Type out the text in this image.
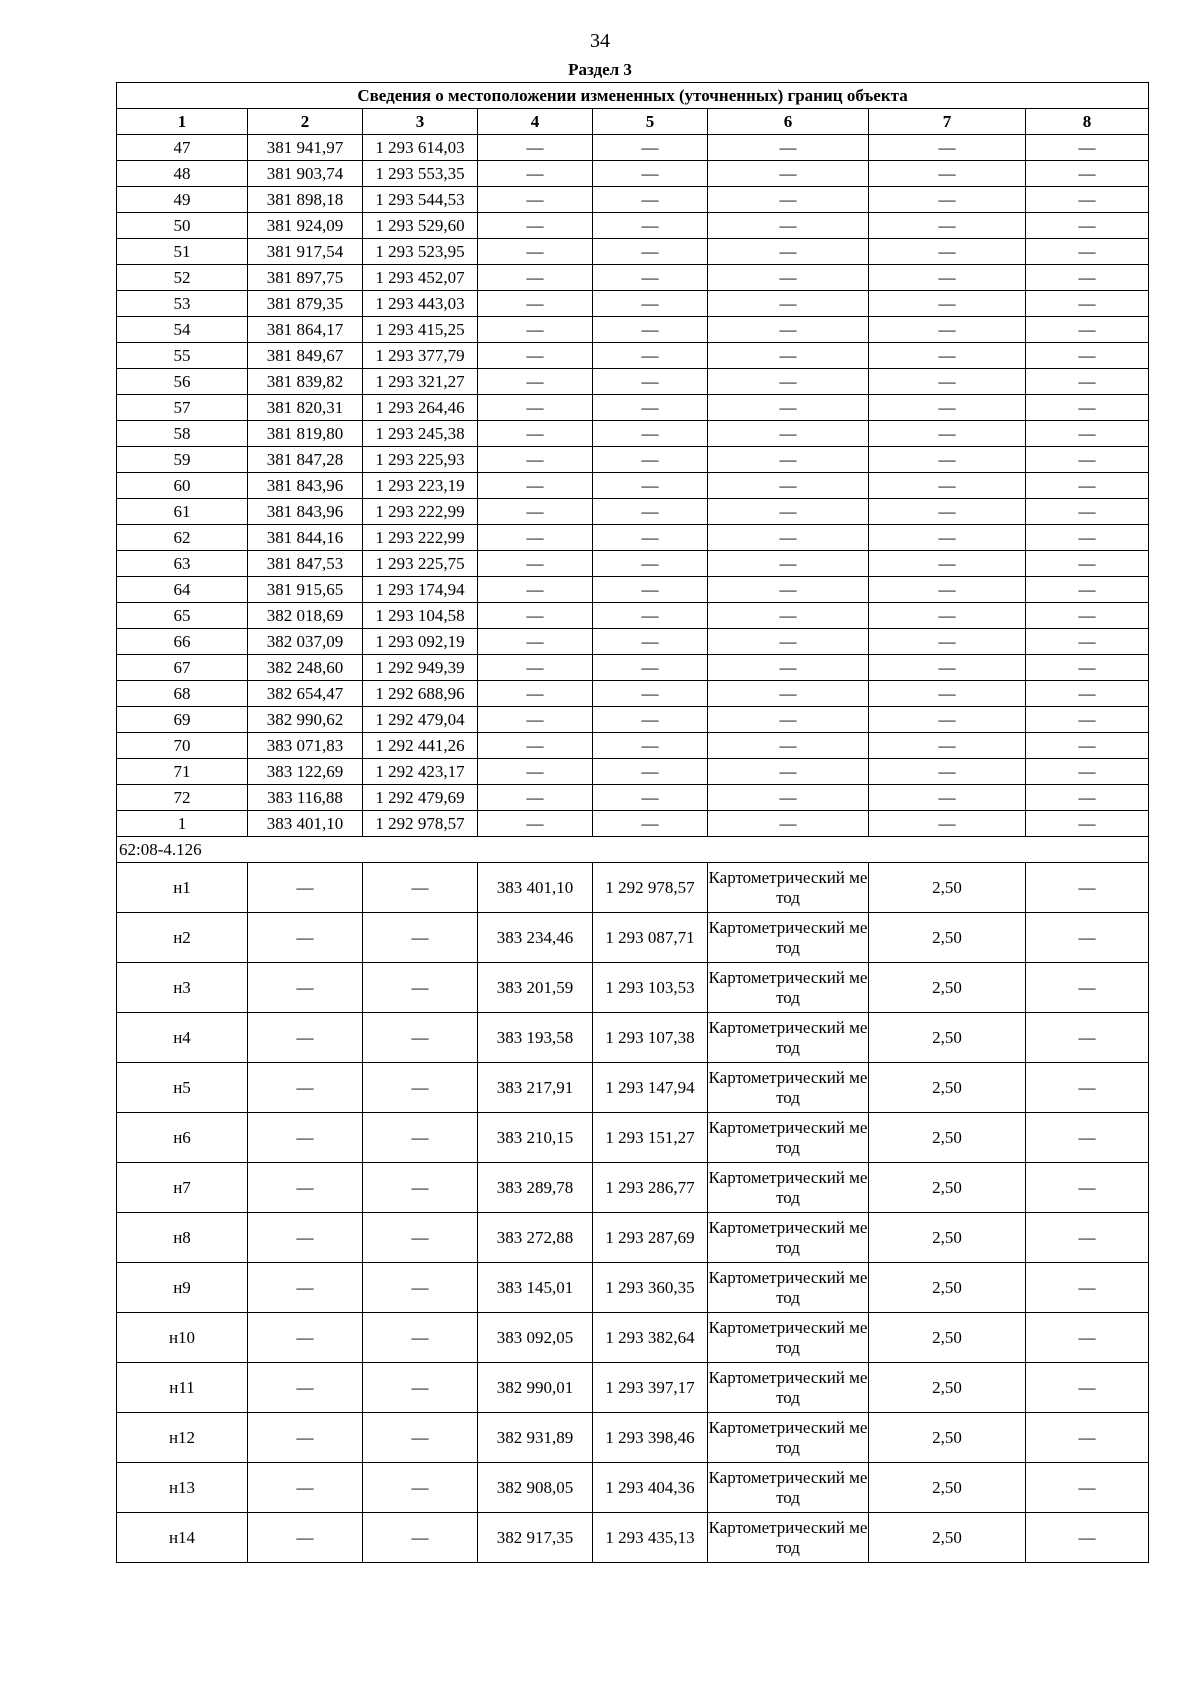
34
Раздел 3
Сведения о местоположении измененных (уточненных) границ объекта							
1	2	3	4	5	6	7	8
47	381 941,97	1 293 614,03	—	—	—	—	—
48	381 903,74	1 293 553,35	—	—	—	—	—
49	381 898,18	1 293 544,53	—	—	—	—	—
50	381 924,09	1 293 529,60	—	—	—	—	—
51	381 917,54	1 293 523,95	—	—	—	—	—
52	381 897,75	1 293 452,07	—	—	—	—	—
53	381 879,35	1 293 443,03	—	—	—	—	—
54	381 864,17	1 293 415,25	—	—	—	—	—
55	381 849,67	1 293 377,79	—	—	—	—	—
56	381 839,82	1 293 321,27	—	—	—	—	—
57	381 820,31	1 293 264,46	—	—	—	—	—
58	381 819,80	1 293 245,38	—	—	—	—	—
59	381 847,28	1 293 225,93	—	—	—	—	—
60	381 843,96	1 293 223,19	—	—	—	—	—
61	381 843,96	1 293 222,99	—	—	—	—	—
62	381 844,16	1 293 222,99	—	—	—	—	—
63	381 847,53	1 293 225,75	—	—	—	—	—
64	381 915,65	1 293 174,94	—	—	—	—	—
65	382 018,69	1 293 104,58	—	—	—	—	—
66	382 037,09	1 293 092,19	—	—	—	—	—
67	382 248,60	1 292 949,39	—	—	—	—	—
68	382 654,47	1 292 688,96	—	—	—	—	—
69	382 990,62	1 292 479,04	—	—	—	—	—
70	383 071,83	1 292 441,26	—	—	—	—	—
71	383 122,69	1 292 423,17	—	—	—	—	—
72	383 116,88	1 292 479,69	—	—	—	—	—
1	383 401,10	1 292 978,57	—	—	—	—	—
62:08-4.126							
н1	—	—	383 401,10	1 292 978,57	Картометрический метод	2,50	—
н2	—	—	383 234,46	1 293 087,71	Картометрический метод	2,50	—
н3	—	—	383 201,59	1 293 103,53	Картометрический метод	2,50	—
н4	—	—	383 193,58	1 293 107,38	Картометрический метод	2,50	—
н5	—	—	383 217,91	1 293 147,94	Картометрический метод	2,50	—
н6	—	—	383 210,15	1 293 151,27	Картометрический метод	2,50	—
н7	—	—	383 289,78	1 293 286,77	Картометрический метод	2,50	—
н8	—	—	383 272,88	1 293 287,69	Картометрический метод	2,50	—
н9	—	—	383 145,01	1 293 360,35	Картометрический метод	2,50	—
н10	—	—	383 092,05	1 293 382,64	Картометрический метод	2,50	—
н11	—	—	382 990,01	1 293 397,17	Картометрический метод	2,50	—
н12	—	—	382 931,89	1 293 398,46	Картометрический метод	2,50	—
н13	—	—	382 908,05	1 293 404,36	Картометрический метод	2,50	—
н14	—	—	382 917,35	1 293 435,13	Картометрический метод	2,50	—
